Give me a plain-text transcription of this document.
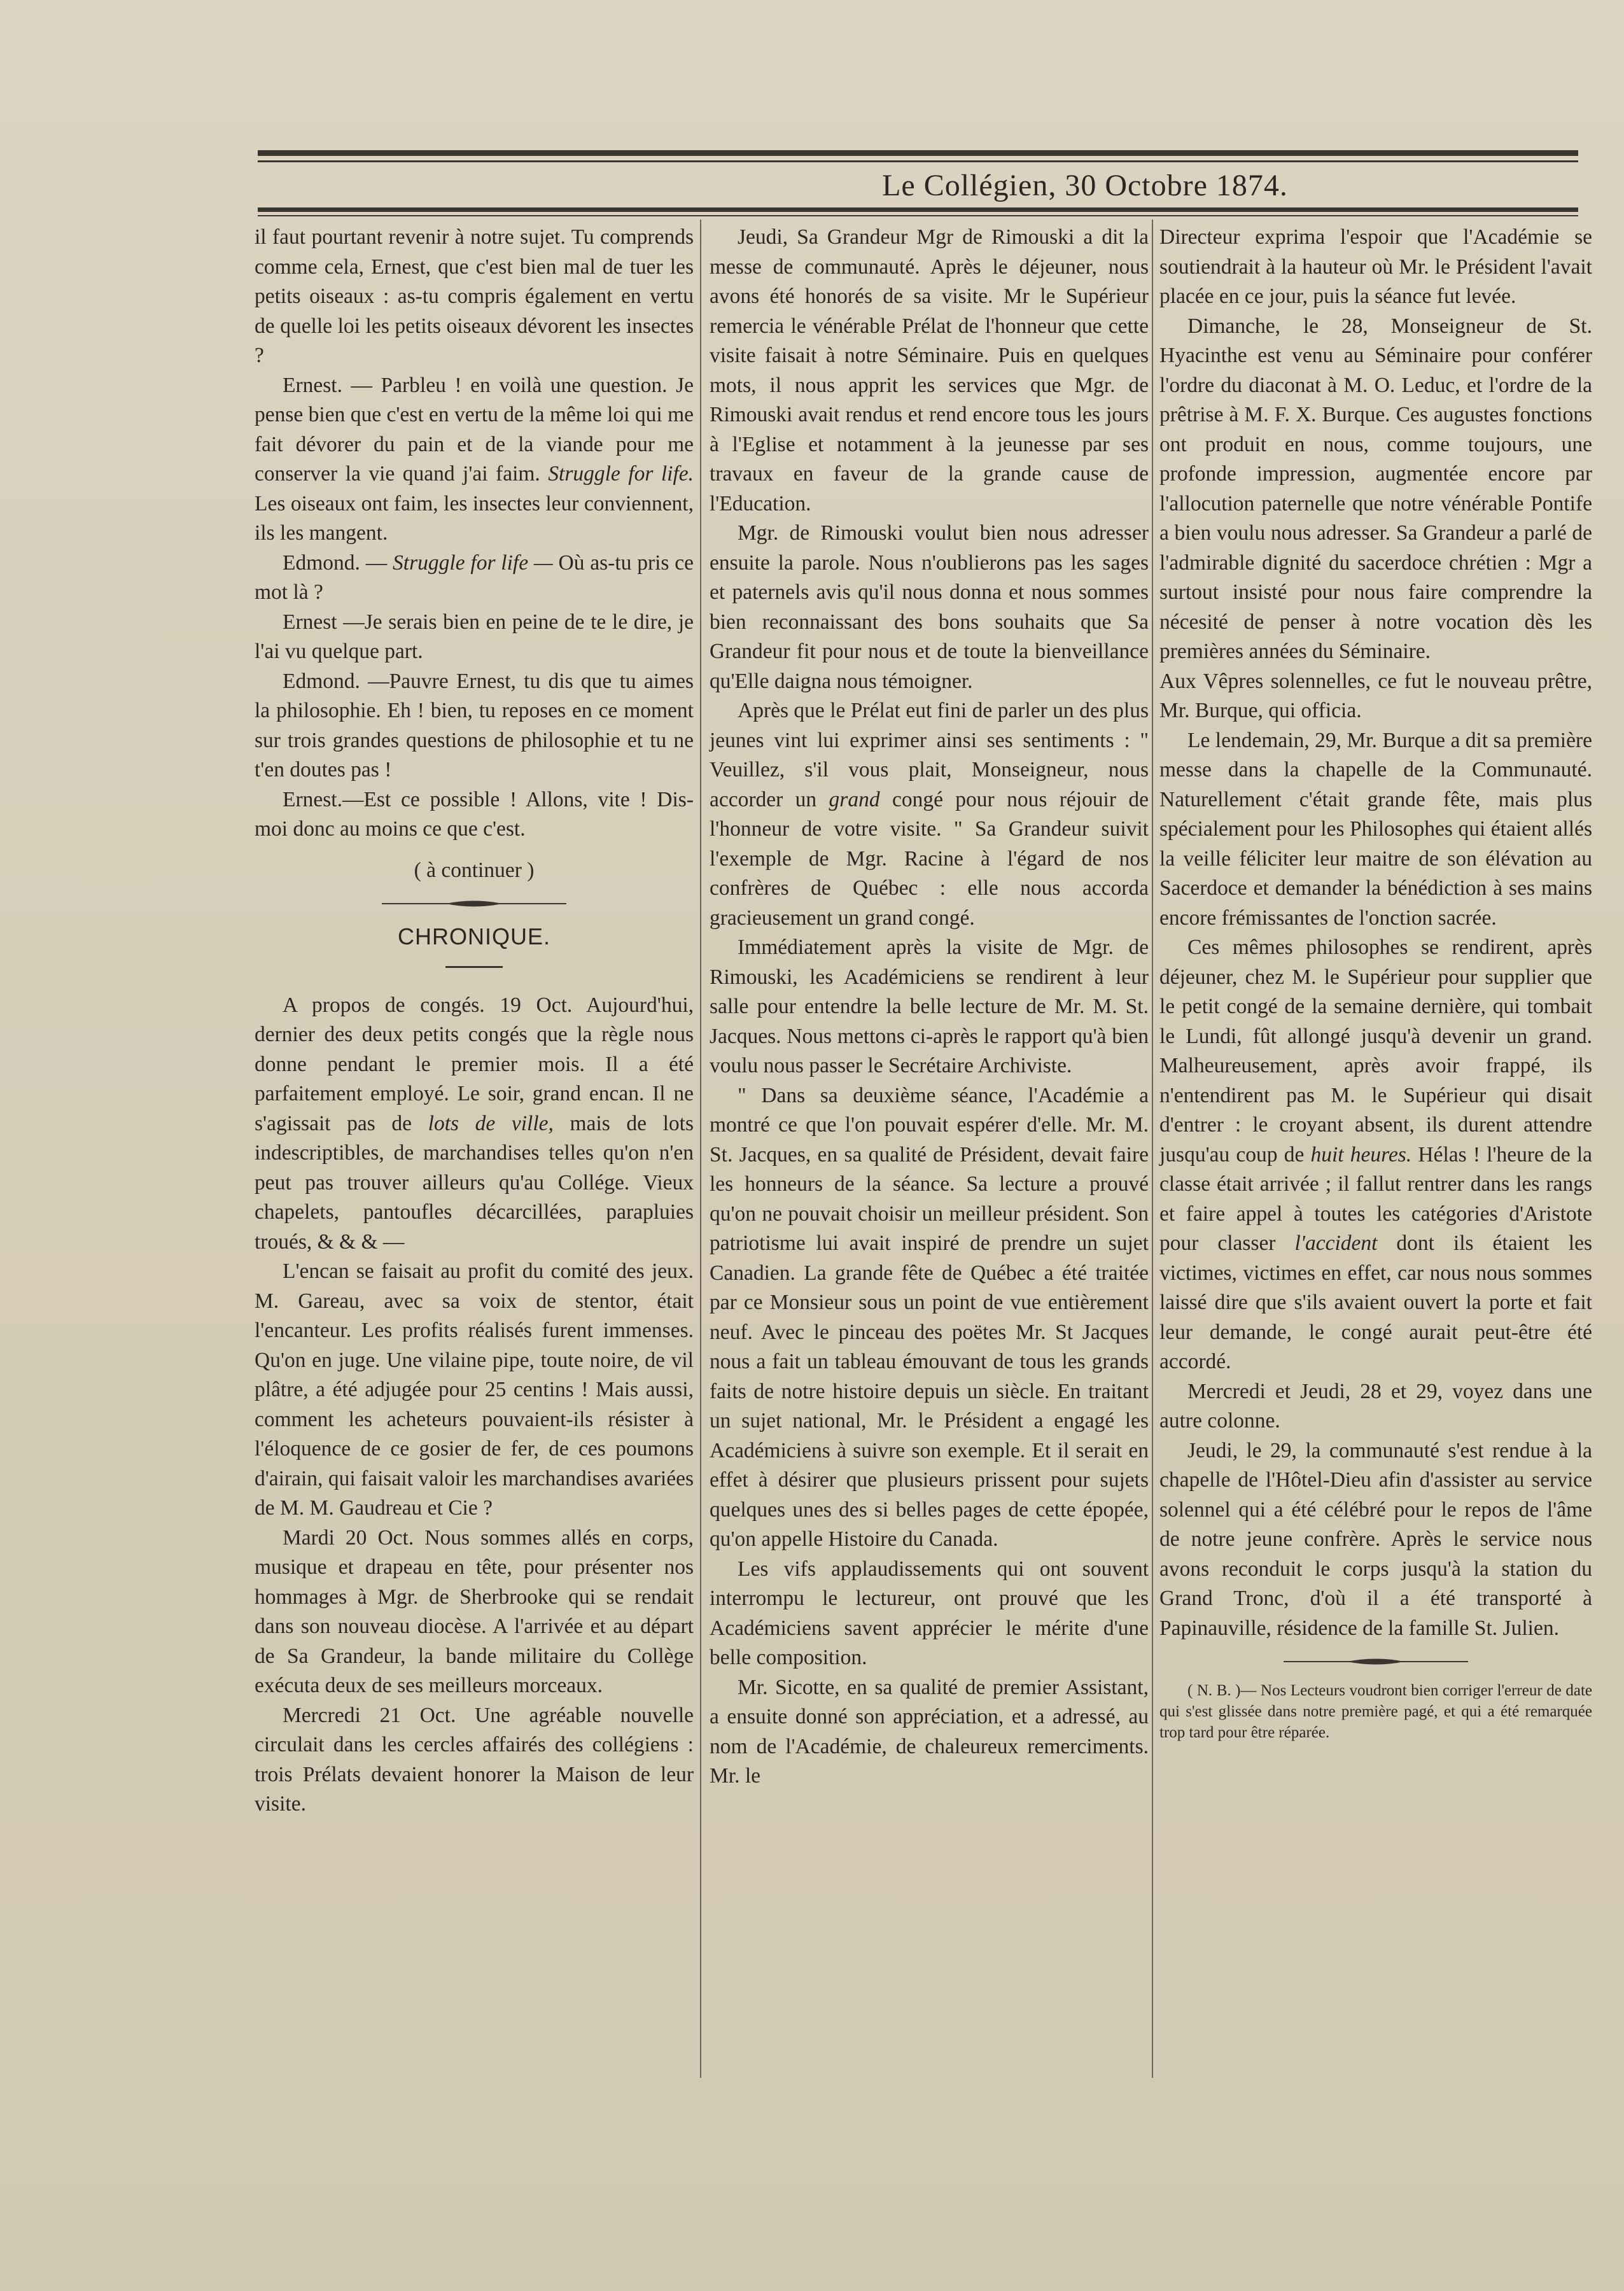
Le Collégien, 30 Octobre 1874.

il faut pourtant revenir à notre sujet. Tu comprends comme cela, Ernest, que c'est bien mal de tuer les petits oiseaux : as-tu compris également en vertu de quelle loi les petits oiseaux dévorent les insectes ?

Ernest. — Parbleu ! en voilà une question. Je pense bien que c'est en vertu de la même loi qui me fait dévorer du pain et de la viande pour me conserver la vie quand j'ai faim. Struggle for life. Les oiseaux ont faim, les insectes leur conviennent, ils les mangent.

Edmond. — Struggle for life — Où as-tu pris ce mot là ?

Ernest —Je serais bien en peine de te le dire, je l'ai vu quelque part.

Edmond. —Pauvre Ernest, tu dis que tu aimes la philosophie. Eh ! bien, tu reposes en ce moment sur trois grandes questions de philosophie et tu ne t'en doutes pas !

Ernest.—Est ce possible ! Allons, vite ! Dis-moi donc au moins ce que c'est.

( à continuer )

CHRONIQUE.

A propos de congés. 19 Oct. Aujourd'hui, dernier des deux petits congés que la règle nous donne pendant le premier mois. Il a été parfaitement employé. Le soir, grand encan. Il ne s'agissait pas de lots de ville, mais de lots indescriptibles, de marchandises telles qu'on n'en peut pas trouver ailleurs qu'au Collége. Vieux chapelets, pantoufles décarcillées, parapluies troués, & & & —

L'encan se faisait au profit du comité des jeux. M. Gareau, avec sa voix de stentor, était l'encanteur. Les profits réalisés furent immenses. Qu'on en juge. Une vilaine pipe, toute noire, de vil plâtre, a été adjugée pour 25 centins ! Mais aussi, comment les acheteurs pouvaient-ils résister à l'éloquence de ce gosier de fer, de ces poumons d'airain, qui faisait valoir les marchandises avariées de M. M. Gaudreau et Cie ?

Mardi 20 Oct. Nous sommes allés en corps, musique et drapeau en tête, pour présenter nos hommages à Mgr. de Sherbrooke qui se rendait dans son nouveau diocèse. A l'arrivée et au départ de Sa Grandeur, la bande militaire du Collège exécuta deux de ses meilleurs morceaux.

Mercredi 21 Oct. Une agréable nouvelle circulait dans les cercles affairés des collégiens : trois Prélats devaient honorer la Maison de leur visite.

Jeudi, Sa Grandeur Mgr de Rimouski a dit la messe de communauté. Après le déjeuner, nous avons été honorés de sa visite. Mr le Supérieur remercia le vénérable Prélat de l'honneur que cette visite faisait à notre Séminaire. Puis en quelques mots, il nous apprit les services que Mgr. de Rimouski avait rendus et rend encore tous les jours à l'Eglise et notamment à la jeunesse par ses travaux en faveur de la grande cause de l'Education.

Mgr. de Rimouski voulut bien nous adresser ensuite la parole. Nous n'oublierons pas les sages et paternels avis qu'il nous donna et nous sommes bien reconnaissant des bons souhaits que Sa Grandeur fit pour nous et de toute la bienveillance qu'Elle daigna nous témoigner.

Après que le Prélat eut fini de parler un des plus jeunes vint lui exprimer ainsi ses sentiments : " Veuillez, s'il vous plait, Monseigneur, nous accorder un grand congé pour nous réjouir de l'honneur de votre visite. " Sa Grandeur suivit l'exemple de Mgr. Racine à l'égard de nos confrères de Québec : elle nous accorda gracieusement un grand congé.

Immédiatement après la visite de Mgr. de Rimouski, les Académiciens se rendirent à leur salle pour entendre la belle lecture de Mr. M. St. Jacques. Nous mettons ci-après le rapport qu'à bien voulu nous passer le Secrétaire Archiviste.

" Dans sa deuxième séance, l'Académie a montré ce que l'on pouvait espérer d'elle. Mr. M. St. Jacques, en sa qualité de Président, devait faire les honneurs de la séance. Sa lecture a prouvé qu'on ne pouvait choisir un meilleur président. Son patriotisme lui avait inspiré de prendre un sujet Canadien. La grande fête de Québec a été traitée par ce Monsieur sous un point de vue entièrement neuf. Avec le pinceau des poëtes Mr. St Jacques nous a fait un tableau émouvant de tous les grands faits de notre histoire depuis un siècle. En traitant un sujet national, Mr. le Président a engagé les Académiciens à suivre son exemple. Et il serait en effet à désirer que plusieurs prissent pour sujets quelques unes des si belles pages de cette épopée, qu'on appelle Histoire du Canada.

Les vifs applaudissements qui ont souvent interrompu le lectureur, ont prouvé que les Académiciens savent apprécier le mérite d'une belle composition.

Mr. Sicotte, en sa qualité de premier Assistant, a ensuite donné son appréciation, et a adressé, au nom de l'Académie, de chaleureux remerciments. Mr. le

Directeur exprima l'espoir que l'Académie se soutiendrait à la hauteur où Mr. le Président l'avait placée en ce jour, puis la séance fut levée.

Dimanche, le 28, Monseigneur de St. Hyacinthe est venu au Séminaire pour conférer l'ordre du diaconat à M. O. Leduc, et l'ordre de la prêtrise à M. F. X. Burque. Ces augustes fonctions ont produit en nous, comme toujours, une profonde impression, augmentée encore par l'allocution paternelle que notre vénérable Pontife a bien voulu nous adresser. Sa Grandeur a parlé de l'admirable dignité du sacerdoce chrétien : Mgr a surtout insisté pour nous faire comprendre la nécesité de penser à notre vocation dès les premières années du Séminaire.

Aux Vêpres solennelles, ce fut le nouveau prêtre, Mr. Burque, qui officia.

Le lendemain, 29, Mr. Burque a dit sa première messe dans la chapelle de la Communauté. Naturellement c'était grande fête, mais plus spécialement pour les Philosophes qui étaient allés la veille féliciter leur maitre de son élévation au Sacerdoce et demander la bénédiction à ses mains encore frémissantes de l'onction sacrée.

Ces mêmes philosophes se rendirent, après déjeuner, chez M. le Supérieur pour supplier que le petit congé de la semaine dernière, qui tombait le Lundi, fût allongé jusqu'à devenir un grand. Malheureusement, après avoir frappé, ils n'entendirent pas M. le Supérieur qui disait d'entrer : le croyant absent, ils durent attendre jusqu'au coup de huit heures. Hélas ! l'heure de la classe était arrivée ; il fallut rentrer dans les rangs et faire appel à toutes les catégories d'Aristote pour classer l'accident dont ils étaient les victimes, victimes en effet, car nous nous sommes laissé dire que s'ils avaient ouvert la porte et fait leur demande, le congé aurait peut-être été accordé.

Mercredi et Jeudi, 28 et 29, voyez dans une autre colonne.

Jeudi, le 29, la communauté s'est rendue à la chapelle de l'Hôtel-Dieu afin d'assister au service solennel qui a été célébré pour le repos de l'âme de notre jeune confrère. Après le service nous avons reconduit le corps jusqu'à la station du Grand Tronc, d'où il a été transporté à Papinauville, résidence de la famille St. Julien.

( N. B. )— Nos Lecteurs voudront bien corriger l'erreur de date qui s'est glissée dans notre première pagé, et qui a été remarquée trop tard pour être réparée.
